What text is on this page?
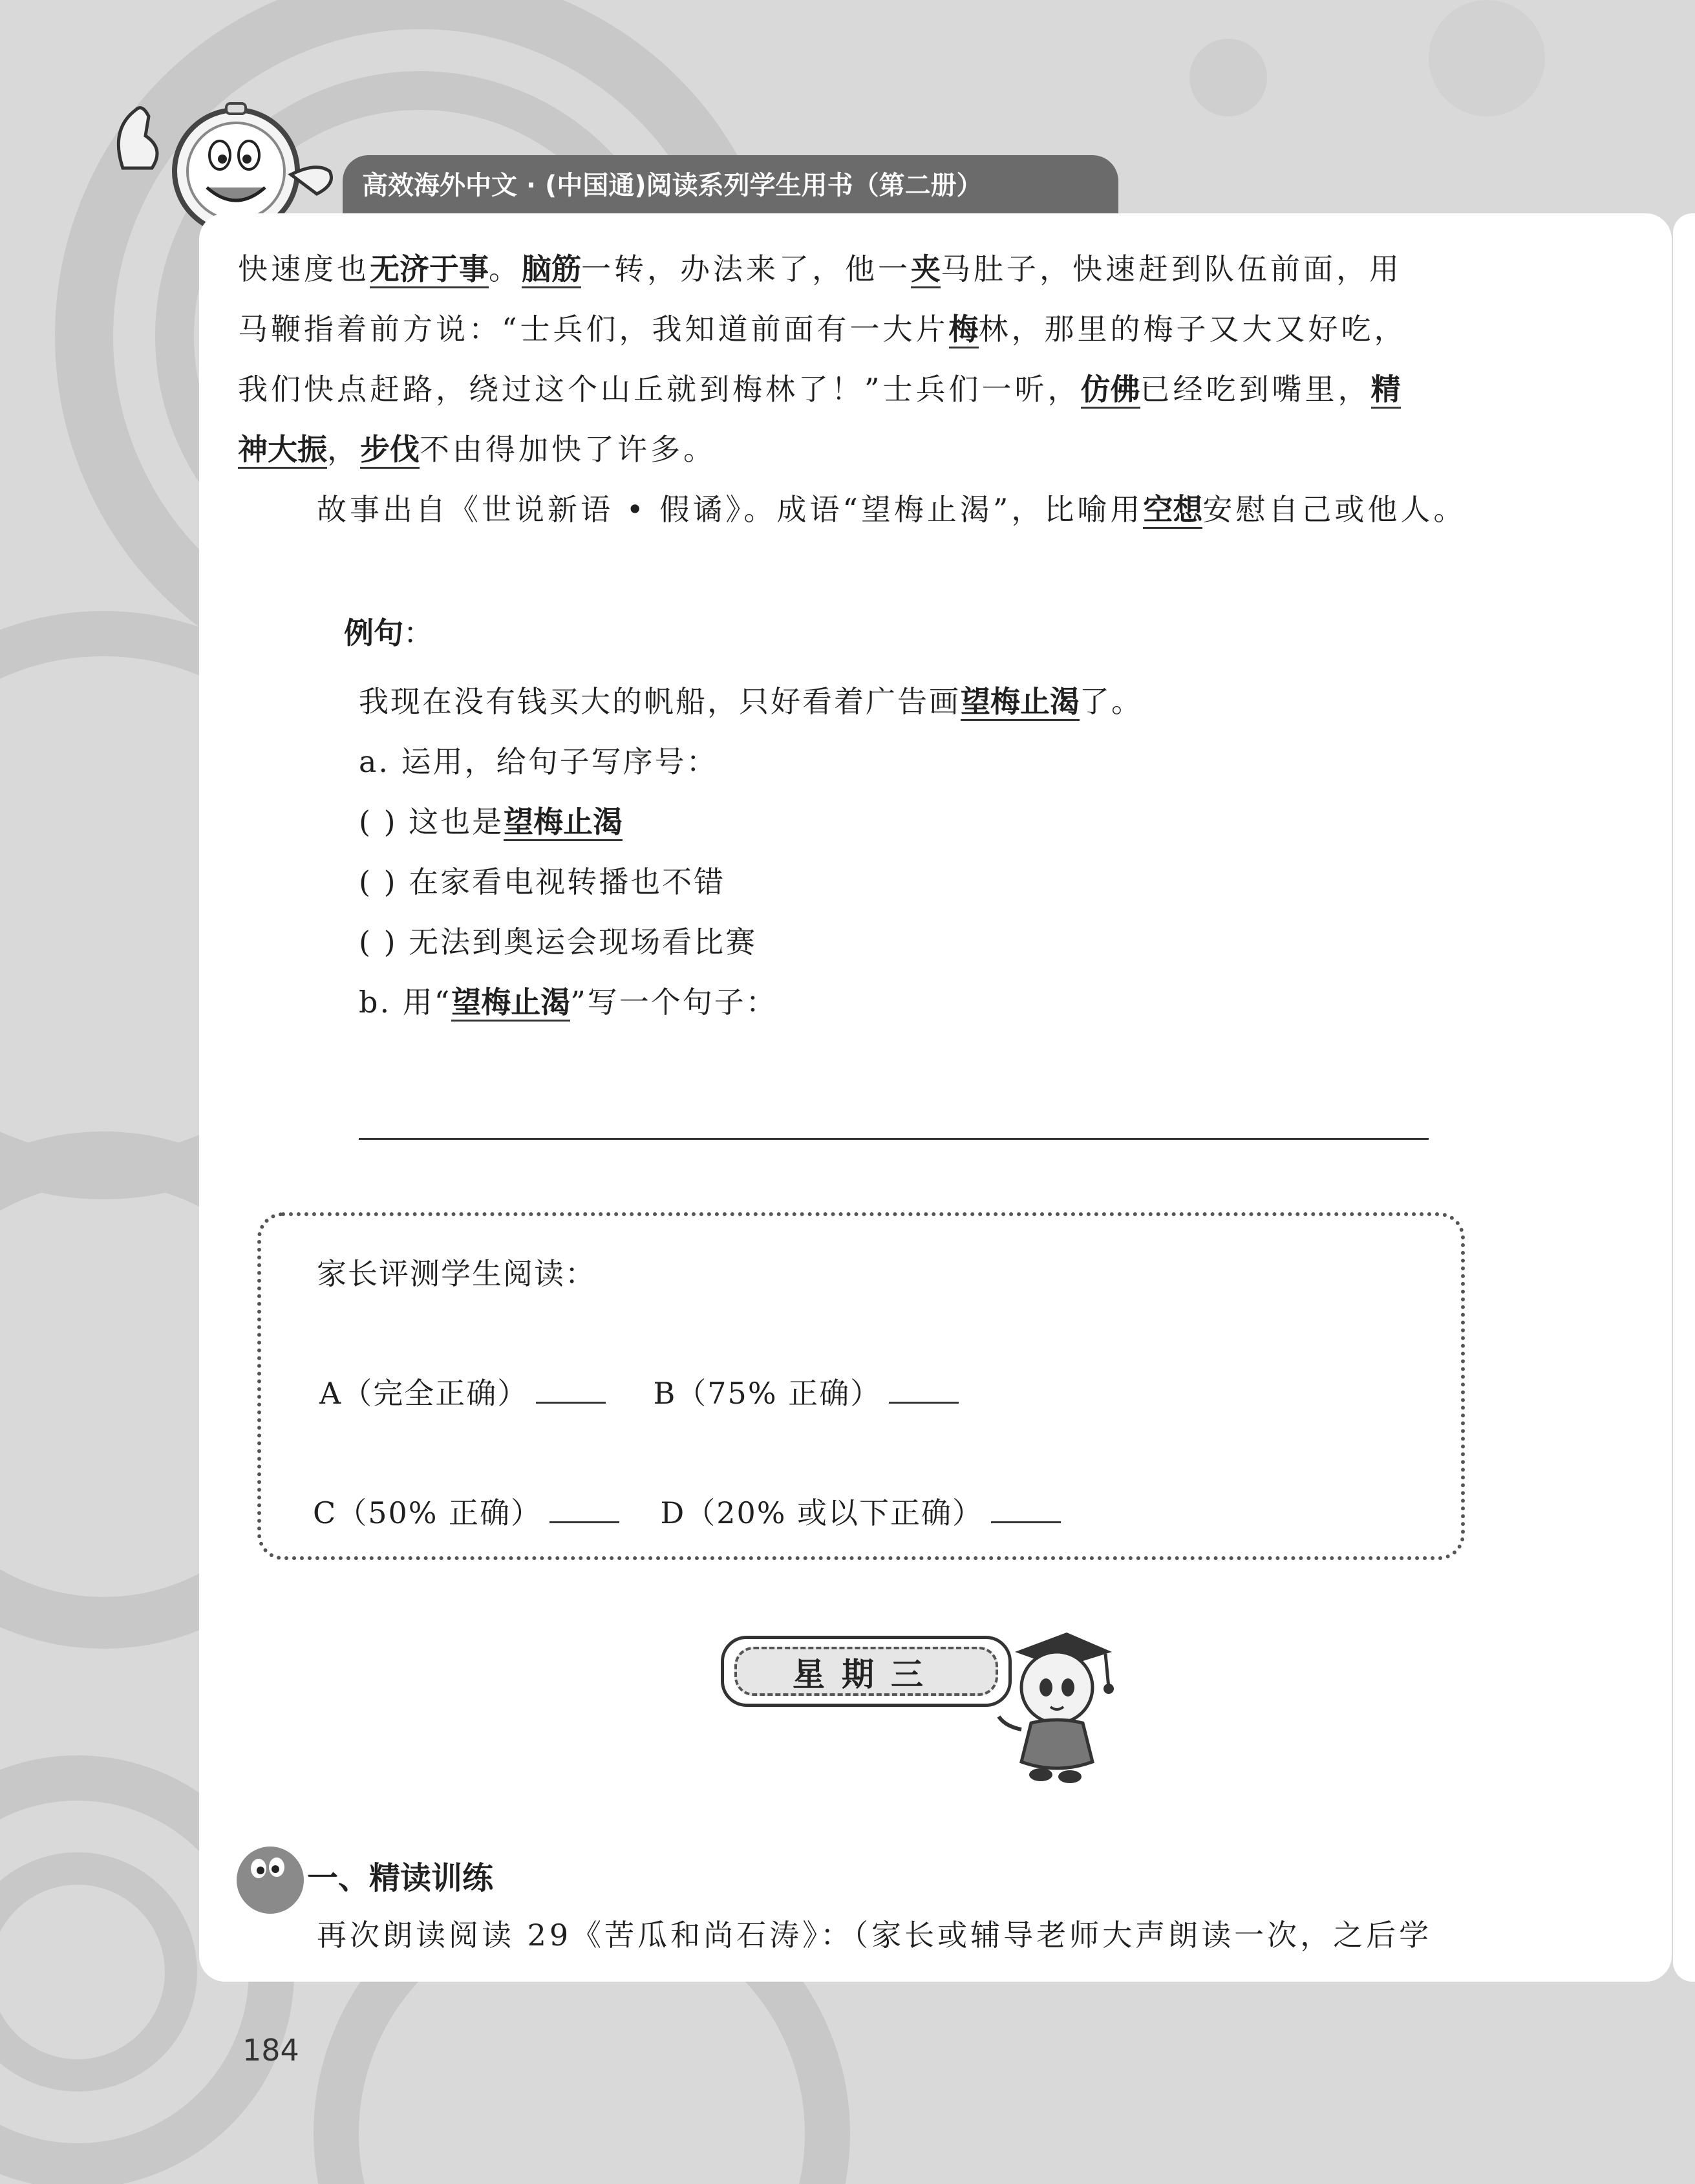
高效海外中文 · (中国通)阅读系列学生用书（第二册）
快速度也无济于事。脑筋一转，办法来了，他一夹马肚子，快速赶到队伍前面，用
马鞭指着前方说：“士兵们，我知道前面有一大片梅林，那里的梅子又大又好吃，
我们快点赶路，绕过这个山丘就到梅林了！”士兵们一听，仿佛已经吃到嘴里，精
神大振，步伐不由得加快了许多。
故事出自《世说新语 • 假谲》。成语“望梅止渴”，比喻用空想安慰自己或他人。
例句：
我现在没有钱买大的帆船，只好看着广告画望梅止渴了。
a. 运用，给句子写序号：
( ) 这也是望梅止渴
( ) 在家看电视转播也不错
( ) 无法到奥运会现场看比赛
b. 用“望梅止渴”写一个句子：
家长评测学生阅读：
A（完全正确）	B（75% 正确）
C（50% 正确）	D（20% 或以下正确）
星期三
一、精读训练
再次朗读阅读 29《苦瓜和尚石涛》：（家长或辅导老师大声朗读一次，之后学
184
